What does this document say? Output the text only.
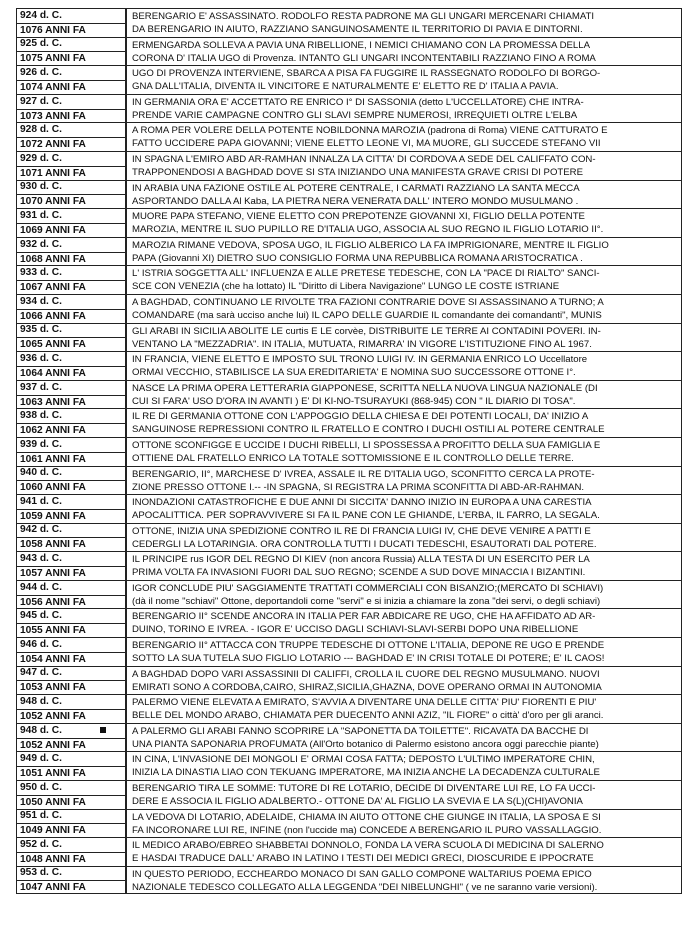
924 d. C.
1076 ANNI FA
BERENGARIO E' ASSASSINATO. RODOLFO RESTA PADRONE MA GLI UNGARI MERCENARI CHIAMATI
DA BERENGARIO IN AIUTO, RAZZIANO SANGUINOSAMENTE IL TERRITORIO DI PAVIA E DINTORNI.
925 d. C.
1075 ANNI FA
ERMENGARDA SOLLEVA A PAVIA UNA RIBELLIONE, I NEMICI CHIAMANO CON LA PROMESSA DELLA
CORONA D' ITALIA UGO di Provenza. INTANTO GLI UNGARI INCONTENTABILI RAZZIANO FINO A ROMA
926 d. C.
1074 ANNI FA
UGO DI PROVENZA INTERVIENE, SBARCA A PISA FA FUGGIRE IL RASSEGNATO RODOLFO DI BORGO-
GNA DALL'ITALIA, DIVENTA IL VINCITORE E NATURALMENTE E' ELETTO RE D' ITALIA A PAVIA.
927 d. C.
1073 ANNI FA
IN GERMANIA ORA E' ACCETTATO RE ENRICO I° DI SASSONIA (detto L'UCCELLATORE) CHE INTRA-
PRENDE VARIE CAMPAGNE CONTRO GLI SLAVI SEMPRE NUMEROSI, IRREQUIETI OLTRE L'ELBA
928 d. C.
1072 ANNI FA
A ROMA PER VOLERE DELLA POTENTE NOBILDONNA MAROZIA (padrona di Roma) VIENE CATTURATO E
FATTO UCCIDERE PAPA GIOVANNI; VIENE ELETTO LEONE VI, MA MUORE, GLI SUCCEDE STEFANO VII
929 d. C.
1071 ANNI FA
IN SPAGNA L'EMIRO ABD AR-RAMHAN INNALZA LA CITTA' DI CORDOVA A SEDE DEL CALIFFATO CON-
TRAPPONENDOSI A BAGHDAD DOVE SI STA INIZIANDO UNA MANIFESTA GRAVE CRISI DI POTERE
930 d. C.
1070 ANNI FA
IN ARABIA UNA FAZIONE OSTILE AL POTERE CENTRALE, I CARMATI RAZZIANO LA SANTA MECCA
ASPORTANDO DALLA Al Kaba, LA PIETRA NERA VENERATA DALL' INTERO MONDO MUSULMANO .
931 d. C.
1069 ANNI FA
MUORE PAPA STEFANO, VIENE ELETTO CON PREPOTENZE GIOVANNI XI, FIGLIO DELLA POTENTE
MAROZIA, MENTRE IL SUO PUPILLO RE D'ITALIA UGO, ASSOCIA AL SUO REGNO IL FIGLIO LOTARIO II°.
932 d. C.
1068 ANNI FA
MAROZIA RIMANE VEDOVA, SPOSA UGO, IL FIGLIO ALBERICO LA FA IMPRIGIONARE, MENTRE IL FIGLIO
PAPA (Giovanni XI) DIETRO SUO CONSIGLIO FORMA UNA REPUBBLICA ROMANA ARISTOCRATICA .
933 d. C.
1067 ANNI FA
L' ISTRIA SOGGETTA ALL' INFLUENZA E ALLE PRETESE TEDESCHE, CON LA "PACE DI RIALTO" SANCI-
SCE CON VENEZIA (che ha lottato) IL "Diritto di Libera Navigazione" LUNGO LE COSTE ISTRIANE
934 d. C.
1066 ANNI FA
A BAGHDAD, CONTINUANO LE RIVOLTE TRA FAZIONI CONTRARIE DOVE SI ASSASSINANO A TURNO; A
COMANDARE (ma sarà ucciso anche lui) IL CAPO DELLE GUARDIE IL comandante dei comandanti", MUNIS
935 d. C.
1065 ANNI FA
GLI ARABI IN SICILIA ABOLITE LE curtis E LE corvèe, DISTRIBUITE LE TERRE AI CONTADINI POVERI. IN-
VENTANO LA "MEZZADRIA". IN ITALIA, MUTUATA, RIMARRA' IN VIGORE L'ISTITUZIONE FINO AL 1967.
936 d. C.
1064 ANNI FA
IN FRANCIA, VIENE ELETTO E IMPOSTO SUL TRONO LUIGI IV. IN GERMANIA ENRICO LO Uccellatore
ORMAI VECCHIO, STABILISCE LA SUA EREDITARIETA' E NOMINA SUO SUCCESSORE OTTONE I°.
937 d. C.
1063 ANNI FA
NASCE LA PRIMA OPERA LETTERARIA GIAPPONESE, SCRITTA NELLA NUOVA LINGUA NAZIONALE (DI
CUI SI FARA' USO D'ORA IN AVANTI ) E' DI KI-NO-TSURAYUKI (868-945) CON " IL DIARIO DI TOSA".
938 d. C.
1062 ANNI FA
IL RE DI GERMANIA OTTONE CON L'APPOGGIO DELLA CHIESA E DEI POTENTI LOCALI, DA' INIZIO A
SANGUINOSE REPRESSIONI CONTRO IL FRATELLO E CONTRO I DUCHI OSTILI AL POTERE CENTRALE
939 d. C.
1061 ANNI FA
OTTONE SCONFIGGE E UCCIDE I DUCHI RIBELLI, LI SPOSSESSA A PROFITTO DELLA SUA FAMIGLIA E
OTTIENE DAL FRATELLO ENRICO LA TOTALE SOTTOMISSIONE E IL CONTROLLO DELLE TERRE.
940 d. C.
1060 ANNI FA
BERENGARIO, II°, MARCHESE D' IVREA, ASSALE IL RE D'ITALIA UGO, SCONFITTO CERCA LA PROTE-
ZIONE PRESSO OTTONE I.-- -IN SPAGNA, SI REGISTRA LA PRIMA SCONFITTA DI ABD-AR-RAHMAN.
941 d. C.
1059 ANNI FA
INONDAZIONI CATASTROFICHE E DUE ANNI DI SICCITA' DANNO INIZIO IN EUROPA A UNA CARESTIA
APOCALITTICA. PER SOPRAVVIVERE SI FA IL PANE CON LE GHIANDE, L'ERBA, IL FARRO, LA SEGALA.
942 d. C.
1058 ANNI FA
OTTONE, INIZIA UNA SPEDIZIONE CONTRO IL RE DI FRANCIA LUIGI IV, CHE DEVE VENIRE A PATTI E
CEDERGLI LA LOTARINGIA. ORA CONTROLLA TUTTI I DUCATI TEDESCHI, ESAUTORATI DAL POTERE.
943 d. C.
1057 ANNI FA
IL PRINCIPE rus IGOR DEL REGNO DI KIEV (non ancora Russia) ALLA TESTA DI UN ESERCITO PER LA
PRIMA VOLTA FA INVASIONI FUORI DAL SUO REGNO; SCENDE A SUD DOVE MINACCIA I BIZANTINI.
944 d. C.
1056 ANNI FA
IGOR CONCLUDE PIU' SAGGIAMENTE TRATTATI COMMERCIALI CON BISANZIO;(MERCATO DI SCHIAVI)
(dà il nome "schiavi" Ottone, deportandoli come "servi" e si inizia a chiamare la zona "dei servi, o degli schiavi)
945 d. C.
1055 ANNI FA
BERENGARIO II° SCENDE ANCORA IN ITALIA PER FAR ABDICARE RE UGO, CHE HA AFFIDATO AD AR-
DUINO, TORINO E IVREA. - IGOR E' UCCISO DAGLI SCHIAVI-SLAVI-SERBI DOPO UNA RIBELLIONE
946 d. C.
1054 ANNI FA
BERENGARIO II° ATTACCA CON TRUPPE TEDESCHE DI OTTONE L'ITALIA, DEPONE RE UGO E PRENDE
SOTTO LA SUA TUTELA SUO FIGLIO LOTARIO --- BAGHDAD E' IN CRISI TOTALE DI POTERE; E' IL CAOS!
947 d. C.
1053 ANNI FA
A BAGHDAD DOPO VARI ASSASSINII DI CALIFFI, CROLLA IL CUORE DEL REGNO MUSULMANO. NUOVI
EMIRATI SONO A CORDOBA,CAIRO, SHIRAZ,SICILIA,GHAZNA, DOVE OPERANO ORMAI IN AUTONOMIA
948 d. C.
1052 ANNI FA
PALERMO VIENE ELEVATA A EMIRATO, S'AVVIA A DIVENTARE UNA DELLE CITTA' PIU' FIORENTI E PIU'
BELLE DEL MONDO ARABO, CHIAMATA PER DUECENTO ANNI AZIZ, "IL FIORE" o città' d'oro per gli aranci.
948 d. C.
1052 ANNI FA
A PALERMO GLI ARABI FANNO SCOPRIRE LA "SAPONETTA DA TOILETTE". RICAVATA DA BACCHE DI
UNA PIANTA SAPONARIA PROFUMATA (All'Orto botanico di Palermo esistono ancora oggi parecchie piante)
949 d. C.
1051 ANNI FA
IN CINA, L'INVASIONE DEI MONGOLI E' ORMAI COSA FATTA; DEPOSTO L'ULTIMO IMPERATORE CHIN,
INIZIA LA DINASTIA LIAO CON TEKUANG IMPERATORE, MA INIZIA ANCHE LA DECADENZA CULTURALE
950 d. C.
1050 ANNI FA
BERENGARIO TIRA LE SOMME: TUTORE DI RE LOTARIO, DECIDE DI DIVENTARE LUI RE, LO FA UCCI-
DERE E ASSOCIA IL FIGLIO ADALBERTO.- OTTONE DA' AL FIGLIO LA SVEVIA E LA S(L)(CHI)AVONIA
951 d. C.
1049 ANNI FA
LA VEDOVA DI LOTARIO, ADELAIDE, CHIAMA IN AIUTO OTTONE CHE GIUNGE IN ITALIA, LA SPOSA E SI
FA INCORONARE LUI RE, INFINE (non l'uccide ma) CONCEDE A BERENGARIO IL PURO VASSALLAGGIO.
952 d. C.
1048 ANNI FA
IL MEDICO ARABO/EBREO SHABBETAI DONNOLO, FONDA LA VERA SCUOLA DI MEDICINA DI SALERNO
E HASDAI TRADUCE DALL' ARABO IN LATINO I TESTI DEI MEDICI GRECI, DIOSCURIDE E IPPOCRATE
953 d. C.
1047 ANNI FA
IN QUESTO PERIODO, ECCHEARDO MONACO DI SAN GALLO COMPONE WALTARIUS POEMA EPICO
NAZIONALE TEDESCO COLLEGATO ALLA LEGGENDA "DEI NIBELUNGHI" ( ve ne saranno varie versioni).
